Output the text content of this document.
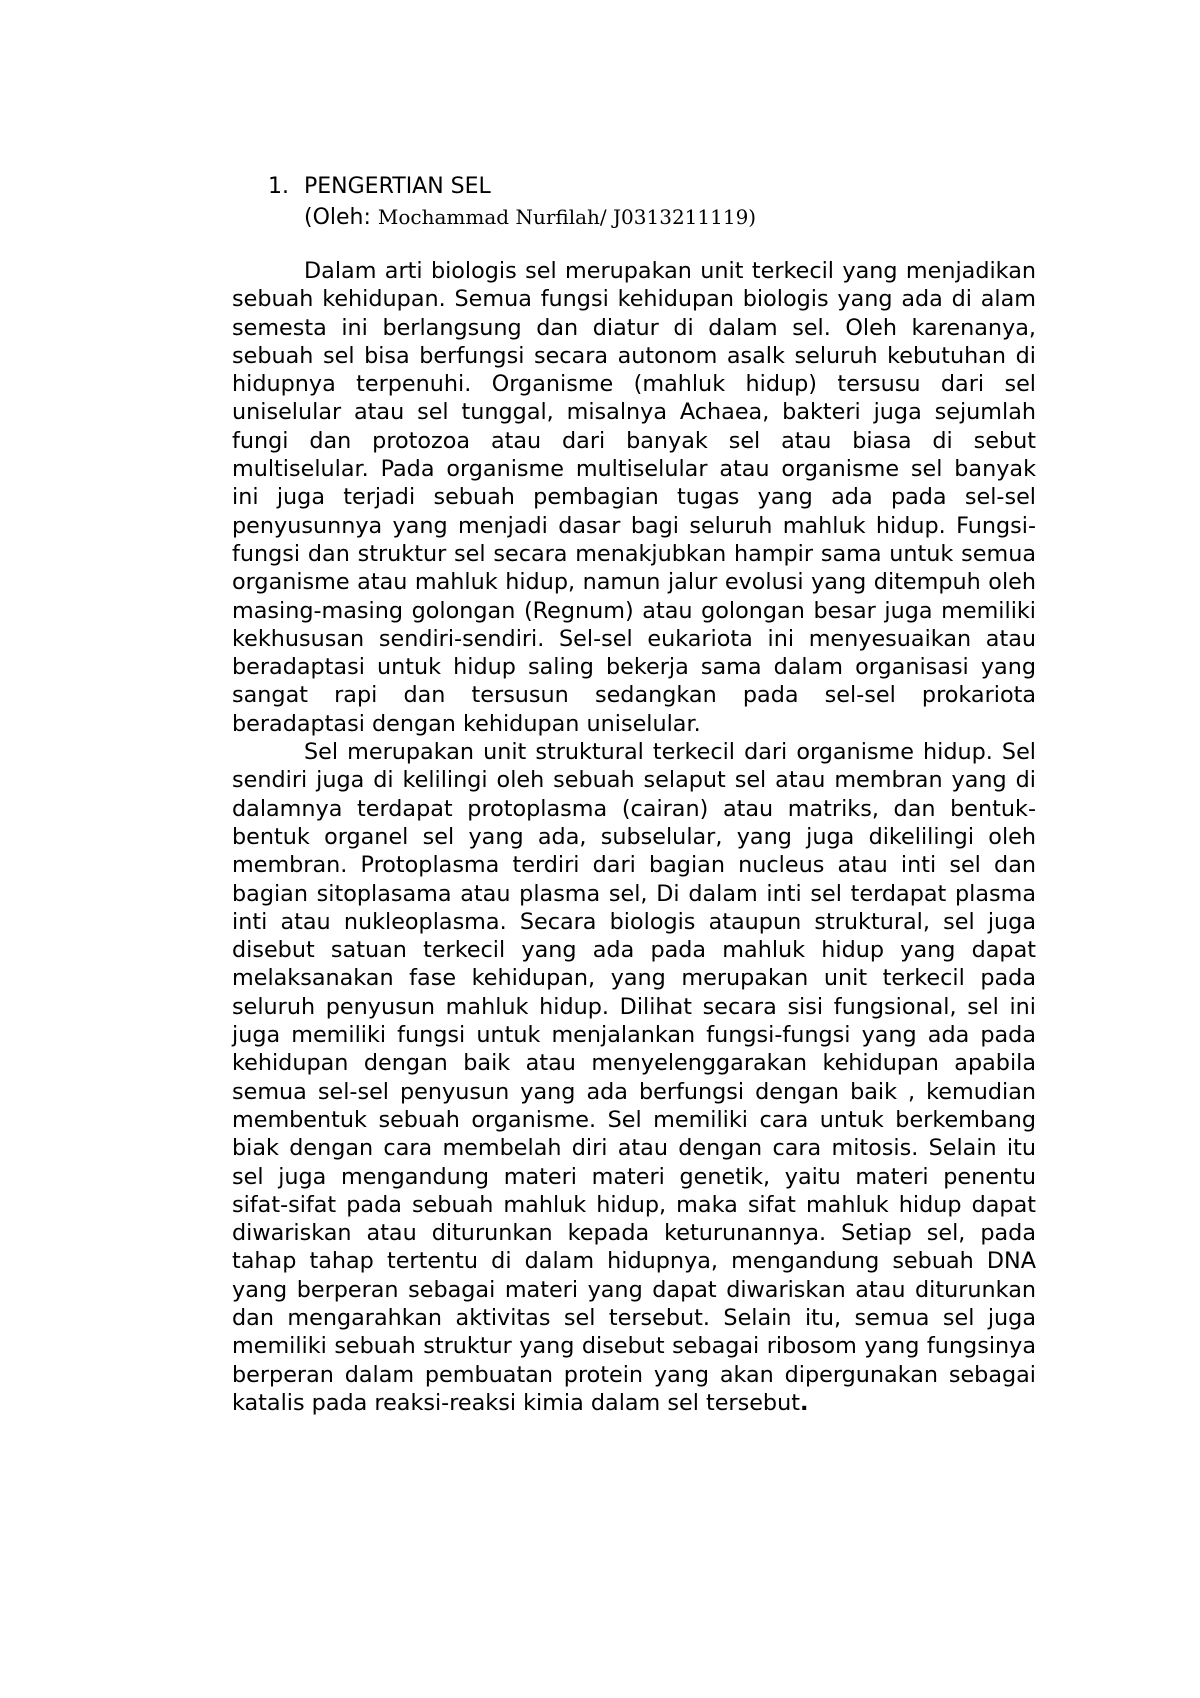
1. PENGERTIAN SEL
(Oleh: Mochammad Nurfilah/ J0313211119)

Dalam arti biologis sel merupakan unit terkecil yang menjadikan sebuah kehidupan. Semua fungsi kehidupan biologis yang ada di alam semesta ini berlangsung dan diatur di dalam sel. Oleh karenanya, sebuah sel bisa berfungsi secara autonom asalk seluruh kebutuhan di hidupnya terpenuhi. Organisme (mahluk hidup) tersusu dari sel uniselular atau sel tunggal, misalnya Achaea, bakteri juga sejumlah fungi dan protozoa atau dari banyak sel atau biasa di sebut multiselular. Pada organisme multiselular atau organisme sel banyak ini juga terjadi sebuah pembagian tugas yang ada pada sel-sel penyusunnya yang menjadi dasar bagi seluruh mahluk hidup. Fungsi-fungsi dan struktur sel secara menakjubkan hampir sama untuk semua organisme atau mahluk hidup, namun jalur evolusi yang ditempuh oleh masing-masing golongan (Regnum) atau golongan besar juga memiliki kekhususan sendiri-sendiri. Sel-sel eukariota ini menyesuaikan atau beradaptasi untuk hidup saling bekerja sama dalam organisasi yang sangat rapi dan tersusun sedangkan pada sel-sel prokariota beradaptasi dengan kehidupan uniselular.

Sel merupakan unit struktural terkecil dari organisme hidup. Sel sendiri juga di kelilingi oleh sebuah selaput sel atau membran yang di dalamnya terdapat protoplasma (cairan) atau matriks, dan bentuk-bentuk organel sel yang ada, subselular, yang juga dikelilingi oleh membran. Protoplasma terdiri dari bagian nucleus atau inti sel dan bagian sitoplasama atau plasma sel, Di dalam inti sel terdapat plasma inti atau nukleoplasma. Secara biologis ataupun struktural, sel juga disebut satuan terkecil yang ada pada mahluk hidup yang dapat melaksanakan fase kehidupan, yang merupakan unit terkecil pada seluruh penyusun mahluk hidup. Dilihat secara sisi fungsional, sel ini juga memiliki fungsi untuk menjalankan fungsi-fungsi yang ada pada kehidupan dengan baik atau menyelenggarakan kehidupan apabila semua sel-sel penyusun yang ada berfungsi dengan baik , kemudian membentuk sebuah organisme. Sel memiliki cara untuk berkembang biak dengan cara membelah diri atau dengan cara mitosis. Selain itu sel juga mengandung materi materi genetik, yaitu materi penentu sifat-sifat pada sebuah mahluk hidup, maka sifat mahluk hidup dapat diwariskan atau diturunkan kepada keturunannya. Setiap sel, pada tahap tahap tertentu di dalam hidupnya, mengandung sebuah DNA yang berperan sebagai materi yang dapat diwariskan atau diturunkan dan mengarahkan aktivitas sel tersebut. Selain itu, semua sel juga memiliki sebuah struktur yang disebut sebagai ribosom yang fungsinya berperan dalam pembuatan protein yang akan dipergunakan sebagai katalis pada reaksi-reaksi kimia dalam sel tersebut.
